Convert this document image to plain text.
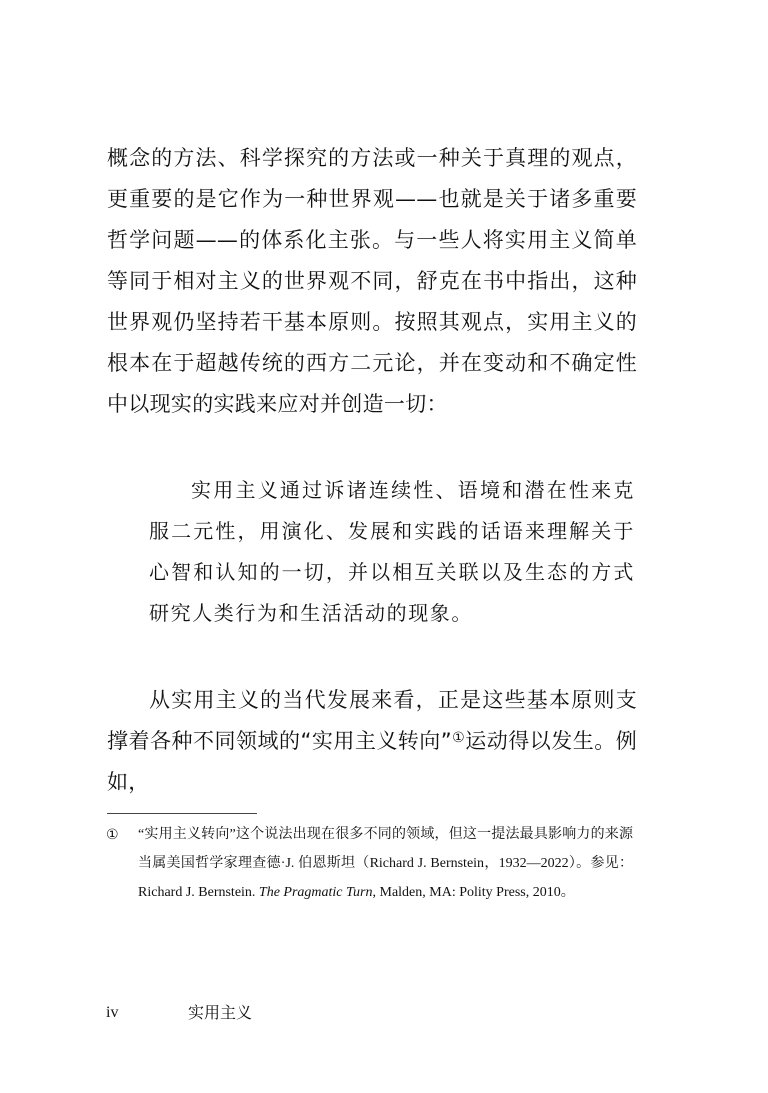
概念的方法、科学探究的方法或一种关于真理的观点，更重要的是它作为一种世界观——也就是关于诸多重要哲学问题——的体系化主张。与一些人将实用主义简单等同于相对主义的世界观不同，舒克在书中指出，这种世界观仍坚持若干基本原则。按照其观点，实用主义的根本在于超越传统的西方二元论，并在变动和不确定性中以现实的实践来应对并创造一切：

实用主义通过诉诸连续性、语境和潜在性来克服二元性，用演化、发展和实践的话语来理解关于心智和认知的一切，并以相互关联以及生态的方式研究人类行为和生活活动的现象。

从实用主义的当代发展来看，正是这些基本原则支撑着各种不同领域的“实用主义转向”①运动得以发生。例如，

① “实用主义转向”这个说法出现在很多不同的领域，但这一提法最具影响力的来源当属美国哲学家理查德·J. 伯恩斯坦（Richard J. Bernstein，1932—2022）。参见：Richard J. Bernstein. The Pragmatic Turn, Malden, MA: Polity Press, 2010。

iv	实用主义
